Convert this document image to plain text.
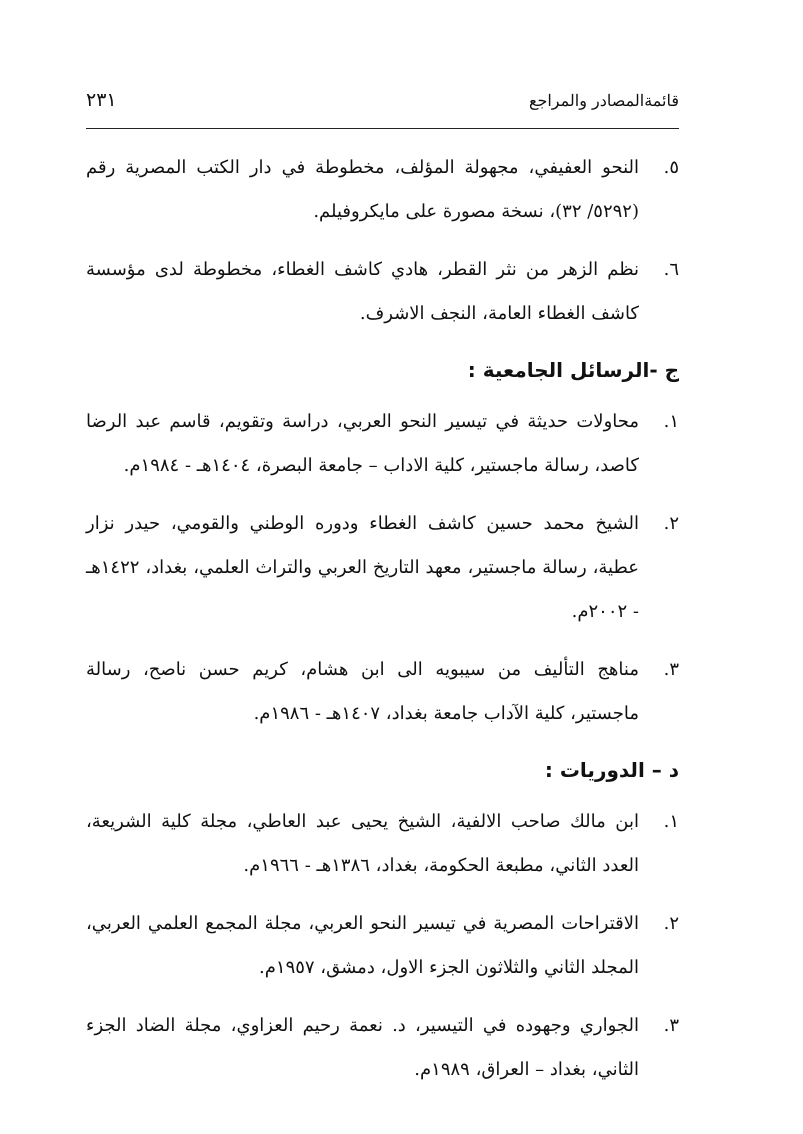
قائمةالمصادر والمراجع
٢٣١
٥.
النحو العفيفي، مجهولة المؤلف، مخطوطة في دار الكتب المصرية رقم (٥٢٩٢/ ٣٢)، نسخة مصورة على مايكروفيلم.
٦.
نظم الزهر من نثر القطر، هادي كاشف الغطاء، مخطوطة لدى مؤسسة كاشف الغطاء العامة، النجف الاشرف.
ج -الرسائل الجامعية :
١.
محاولات حديثة في تيسير النحو العربي، دراسة وتقويم، قاسم عبد الرضا كاصد، رسالة ماجستير، كلية الاداب – جامعة البصرة، ١٤٠٤هـ - ١٩٨٤م.
٢.
الشيخ محمد حسين كاشف الغطاء ودوره الوطني والقومي، حيدر نزار عطية، رسالة ماجستير، معهد التاريخ العربي والتراث العلمي، بغداد، ١٤٢٢هـ - ٢٠٠٢م.
٣.
مناهج التأليف من سيبويه الى ابن هشام، كريم حسن ناصح، رسالة ماجستير، كلية الآداب جامعة بغداد، ١٤٠٧هـ - ١٩٨٦م.
د – الدوريات :
١.
ابن مالك صاحب الالفية، الشيخ يحيى عبد العاطي، مجلة كلية الشريعة، العدد الثاني، مطبعة الحكومة، بغداد، ١٣٨٦هـ - ١٩٦٦م.
٢.
الاقتراحات المصرية في تيسير النحو العربي، مجلة المجمع العلمي العربي، المجلد الثاني والثلاثون الجزء الاول، دمشق، ١٩٥٧م.
٣.
الجواري وجهوده في التيسير، د. نعمة رحيم العزاوي، مجلة الضاد الجزء الثاني، بغداد – العراق، ١٩٨٩م.
